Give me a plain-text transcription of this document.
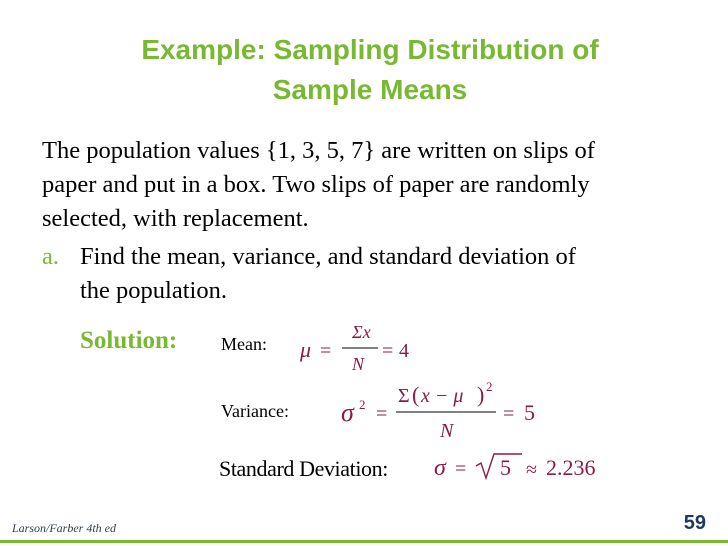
Example: Sampling Distribution of
Sample Means
The population values {1, 3, 5, 7} are written on slips of
paper and put in a box. Two slips of paper are randomly
selected, with replacement.
a. Find the mean, variance, and standard deviation of
the population.
Solution: Mean:
Variance:
Standard Deviation:
μ =
Σx
N
= 4
σ 2 =
Σ ( x − μ ) 2
N
= 5
σ = 5 ≈ 2.236
Larson/Farber 4th ed	59
